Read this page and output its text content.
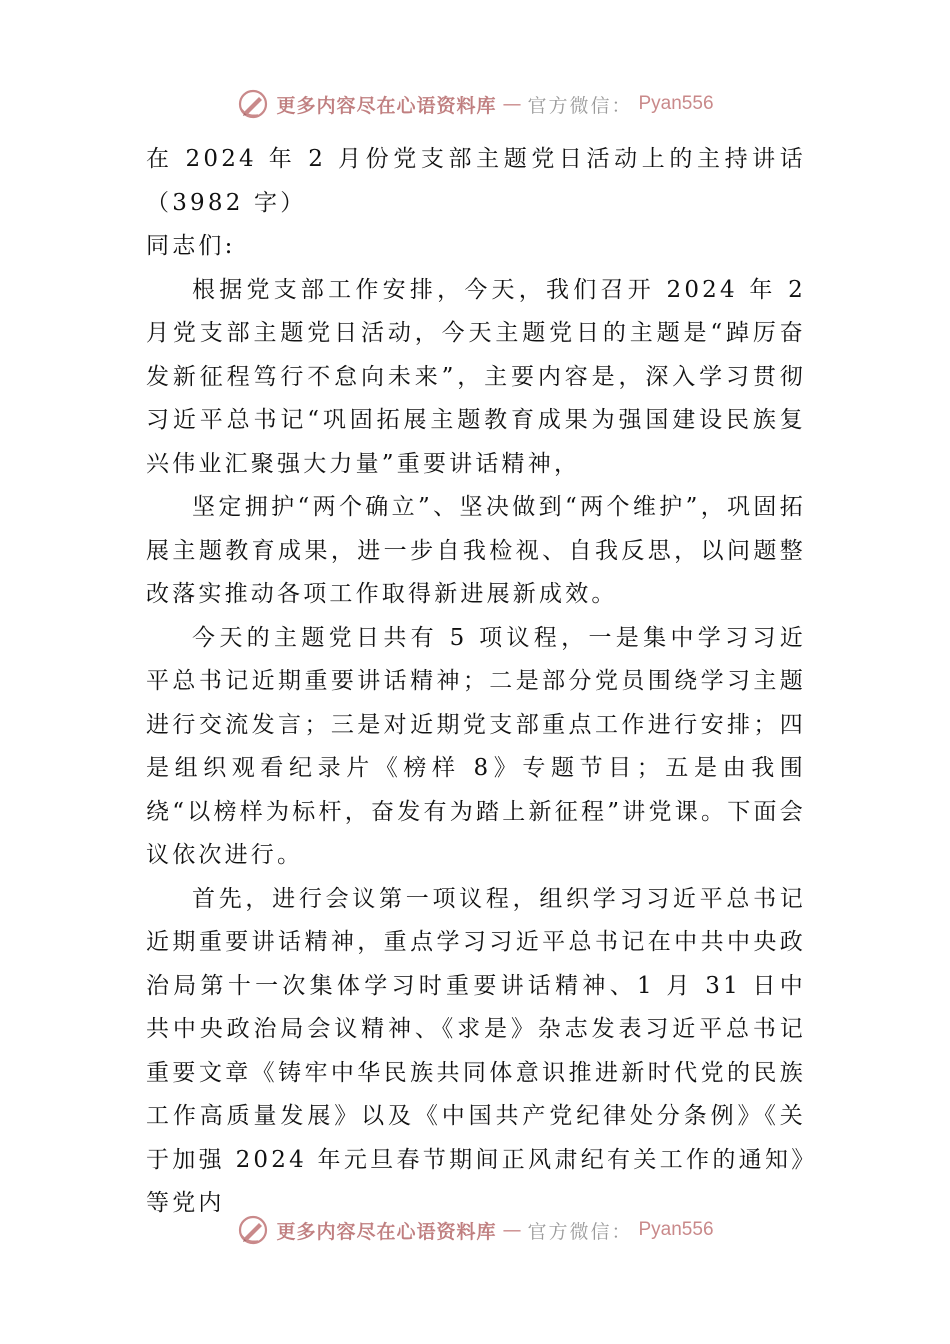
更多内容尽在心语资料库 — 官方微信： Pyan556

在 2024 年 2 月份党支部主题党日活动上的主持讲话（3982 字）

同志们:

根据党支部工作安排，今天，我们召开 2024 年 2 月党支部主题党日活动，今天主题党日的主题是“踔厉奋发新征程笃行不怠向未来”，主要内容是，深入学习贯彻习近平总书记“巩固拓展主题教育成果为强国建设民族复兴伟业汇聚强大力量”重要讲话精神，

坚定拥护“两个确立”、坚决做到“两个维护”，巩固拓展主题教育成果，进一步自我检视、自我反思，以问题整改落实推动各项工作取得新进展新成效。

今天的主题党日共有 5 项议程，一是集中学习习近平总书记近期重要讲话精神；二是部分党员围绕学习主题进行交流发言；三是对近期党支部重点工作进行安排；四是组织观看纪录片《榜样 8》专题节目；五是由我围绕“以榜样为标杆，奋发有为踏上新征程”讲党课。下面会议依次进行。

首先，进行会议第一项议程，组织学习习近平总书记近期重要讲话精神，重点学习习近平总书记在中共中央政治局第十一次集体学习时重要讲话精神、1 月 31 日中共中央政治局会议精神、《求是》杂志发表习近平总书记重要文章《铸牢中华民族共同体意识推进新时代党的民族工作高质量发展》以及《中国共产党纪律处分条例》《关于加强 2024 年元旦春节期间正风肃纪有关工作的通知》等党内

更多内容尽在心语资料库 — 官方微信： Pyan556
